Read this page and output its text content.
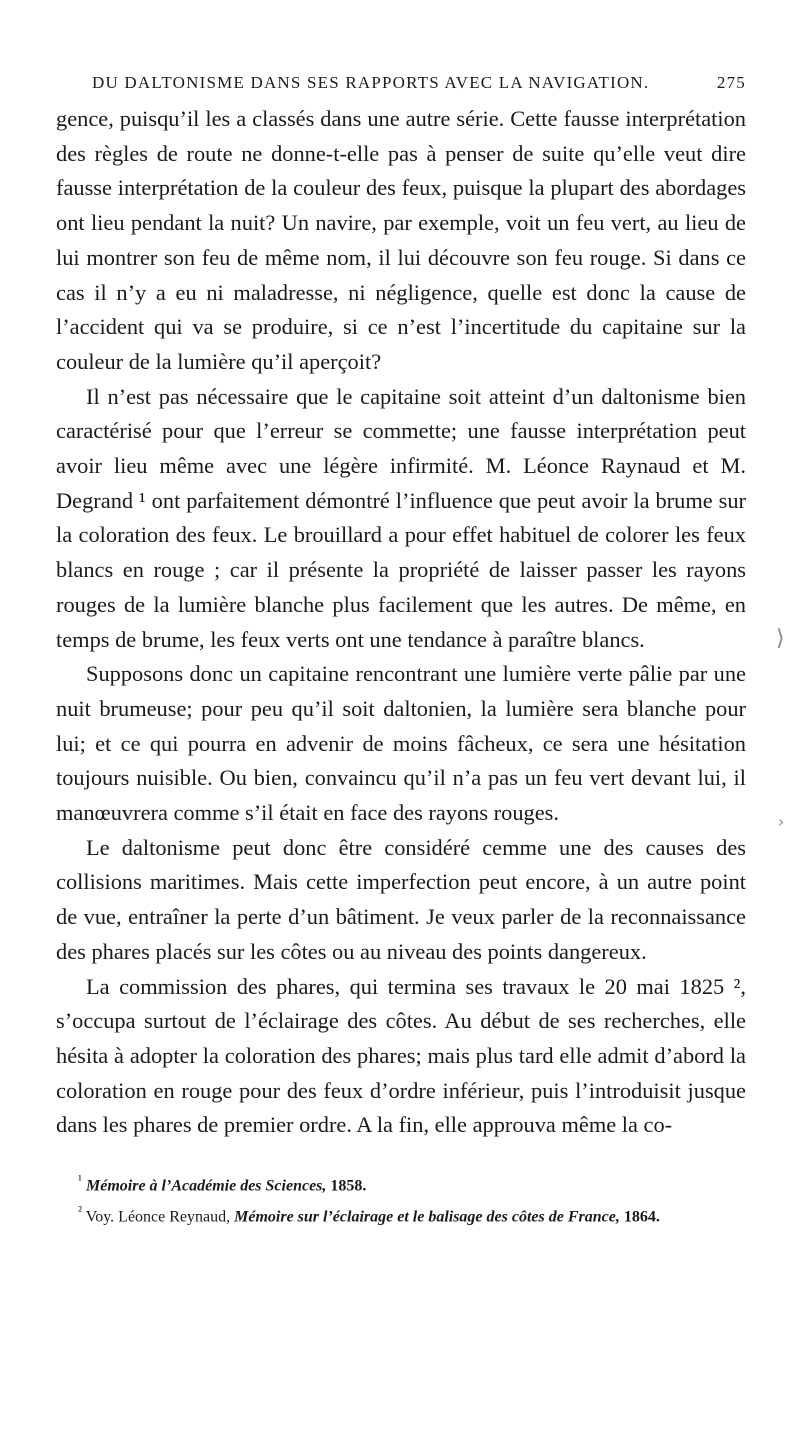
DU DALTONISME DANS SES RAPPORTS AVEC LA NAVIGATION.	275

gence, puisqu’il les a classés dans une autre série. Cette fausse interprétation des règles de route ne donne-t-elle pas à penser de suite qu’elle veut dire fausse interprétation de la couleur des feux, puisque la plupart des abordages ont lieu pendant la nuit? Un navire, par exemple, voit un feu vert, au lieu de lui montrer son feu de même nom, il lui découvre son feu rouge. Si dans ce cas il n’y a eu ni maladresse, ni négligence, quelle est donc la cause de l’accident qui va se produire, si ce n’est l’incertitude du capitaine sur la couleur de la lumière qu’il aperçoit?

Il n’est pas nécessaire que le capitaine soit atteint d’un daltonisme bien caractérisé pour que l’erreur se commette; une fausse interprétation peut avoir lieu même avec une légère infirmité. M. Léonce Raynaud et M. Degrand ¹ ont parfaitement démontré l’influence que peut avoir la brume sur la coloration des feux. Le brouillard a pour effet habituel de colorer les feux blancs en rouge ; car il présente la propriété de laisser passer les rayons rouges de la lumière blanche plus facilement que les autres. De même, en temps de brume, les feux verts ont une tendance à paraître blancs.

Supposons donc un capitaine rencontrant une lumière verte pâlie par une nuit brumeuse; pour peu qu’il soit daltonien, la lumière sera blanche pour lui; et ce qui pourra en advenir de moins fâcheux, ce sera une hésitation toujours nuisible. Ou bien, convaincu qu’il n’a pas un feu vert devant lui, il manœuvrera comme s’il était en face des rayons rouges.

Le daltonisme peut donc être considéré cemme une des causes des collisions maritimes. Mais cette imperfection peut encore, à un autre point de vue, entraîner la perte d’un bâtiment. Je veux parler de la reconnaissance des phares placés sur les côtes ou au niveau des points dangereux.

La commission des phares, qui termina ses travaux le 20 mai 1825 ², s’occupa surtout de l’éclairage des côtes. Au début de ses recherches, elle hésita à adopter la coloration des phares; mais plus tard elle admit d’abord la coloration en rouge pour des feux d’ordre inférieur, puis l’introduisit jusque dans les phares de premier ordre. A la fin, elle approuva même la co-

$^{^1}$ Mémoire à l’Académie des Sciences, 1858.

$^{^2}$ Voy. Léonce Reynaud, Mémoire sur l’éclairage et le balisage des côtes de France, 1864.

⟩
›
